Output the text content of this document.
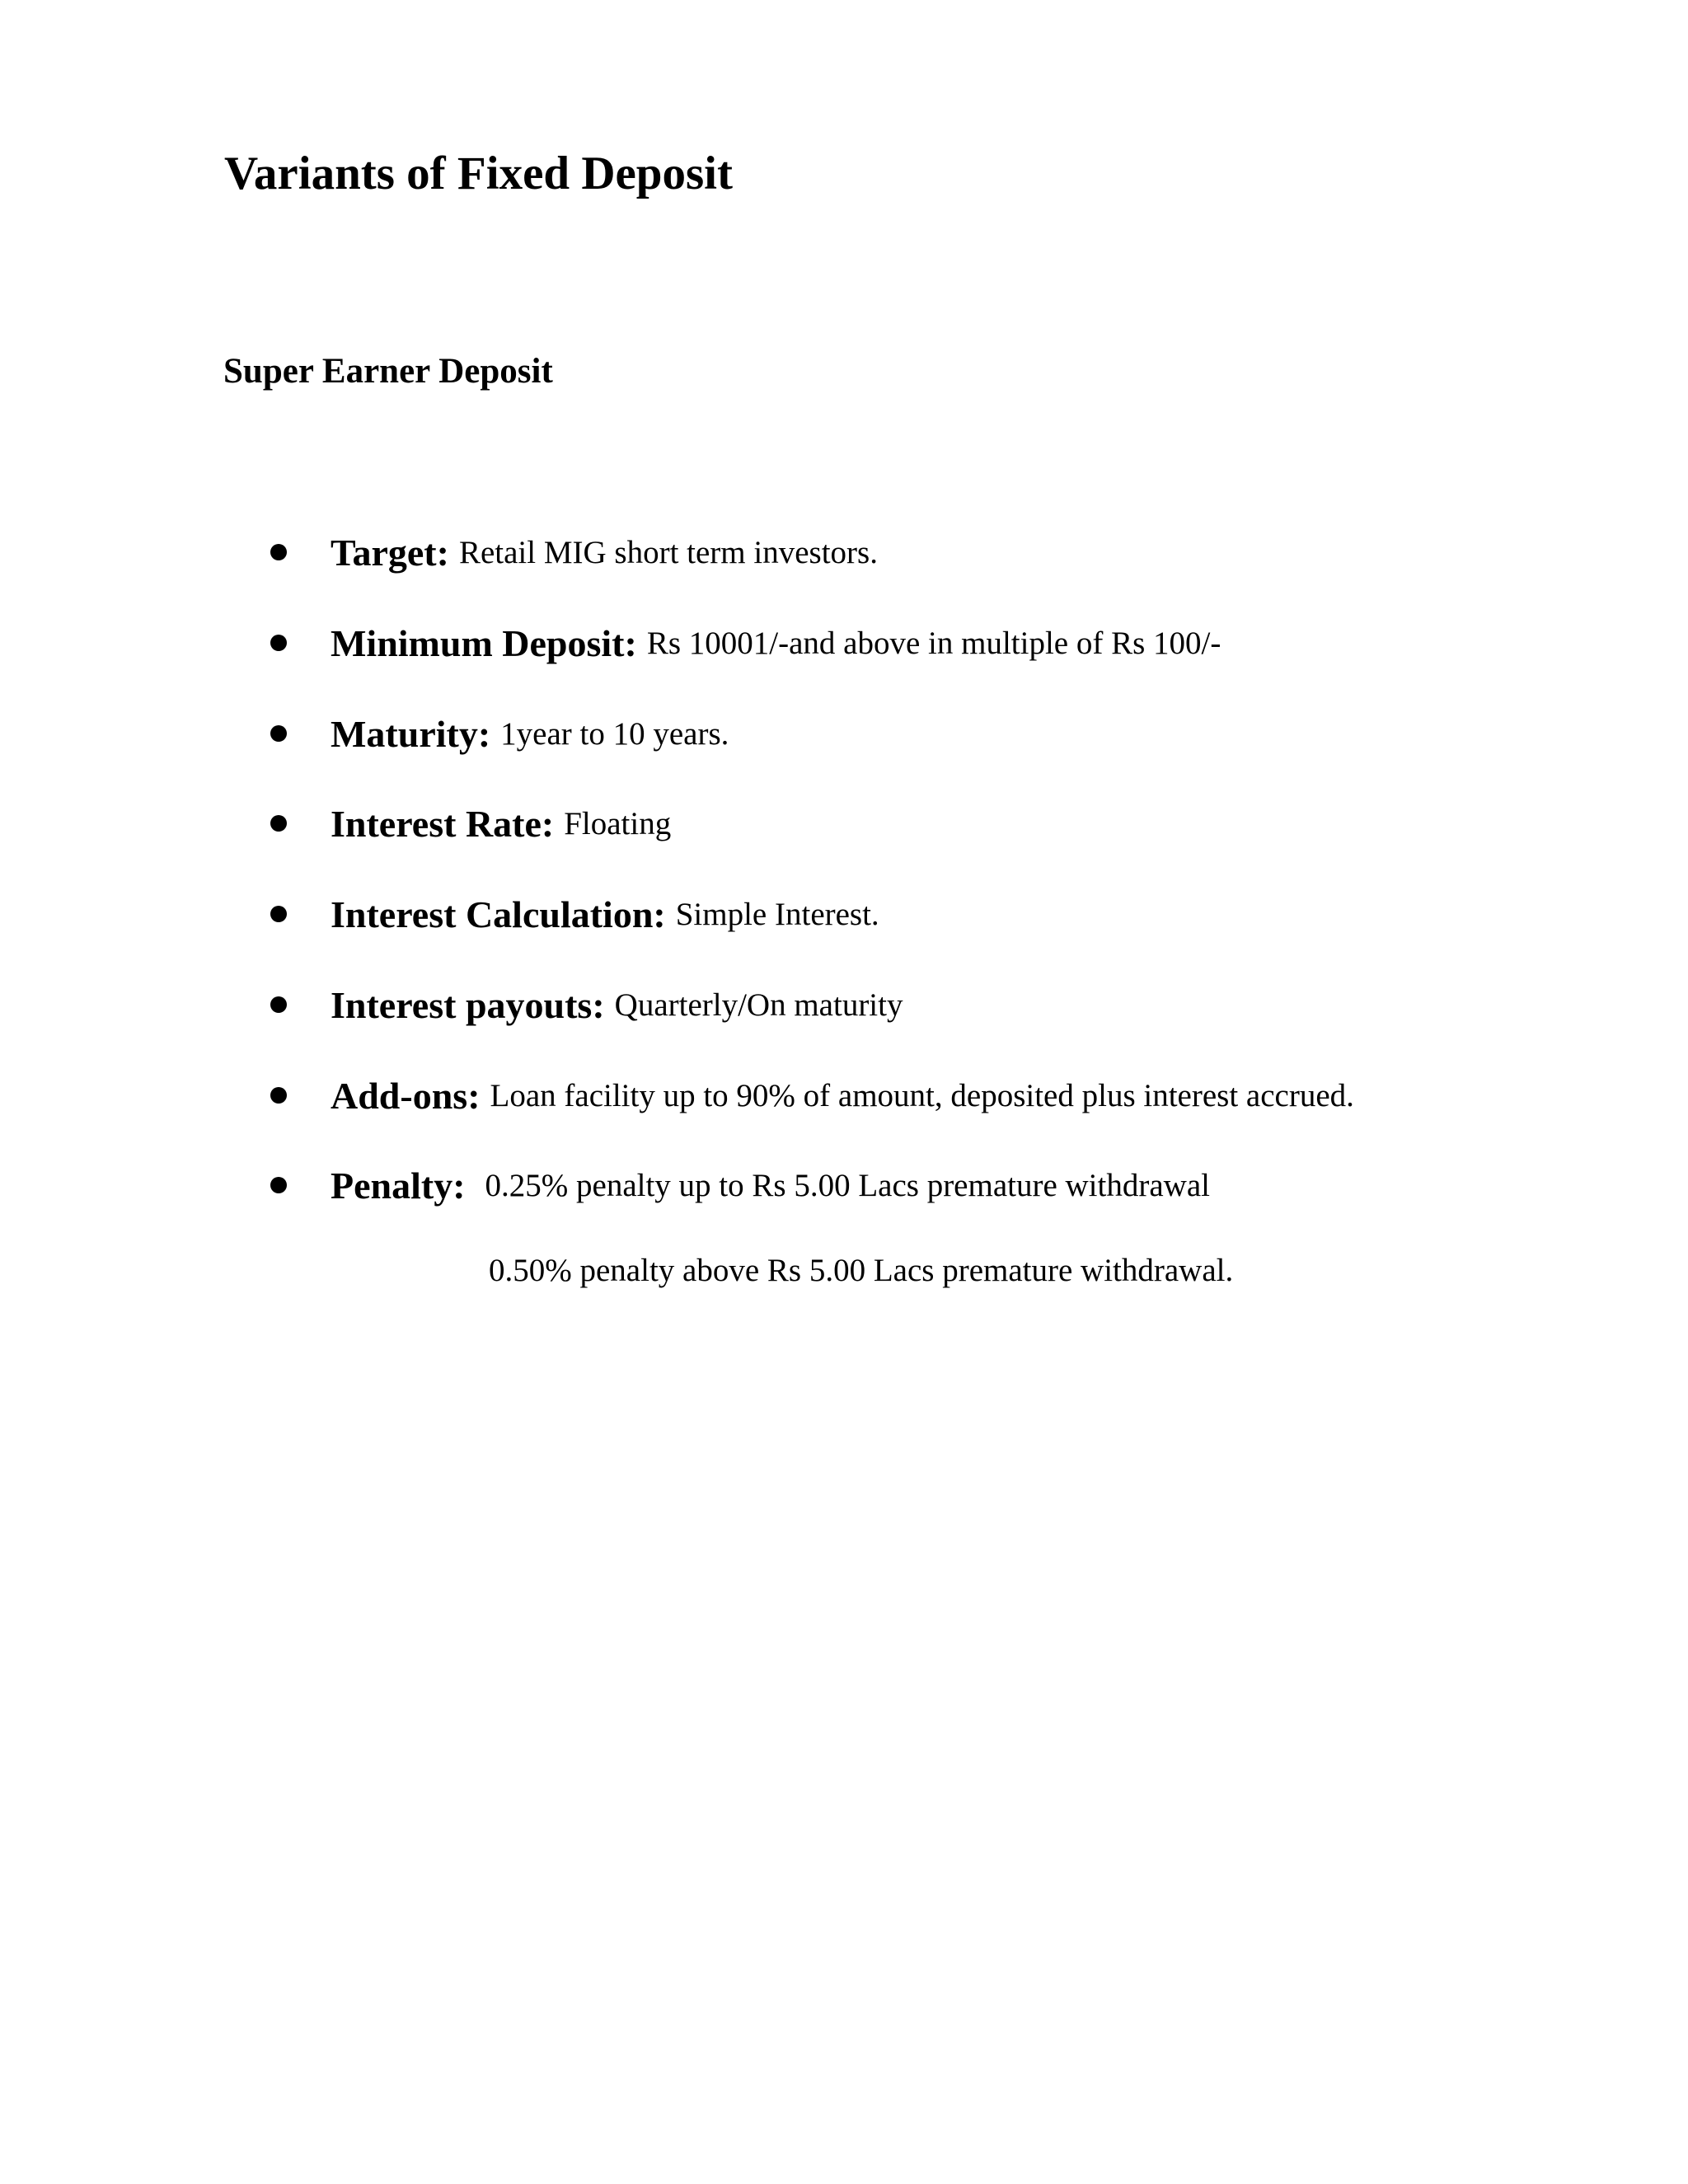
Variants of Fixed Deposit
Super Earner Deposit
Target: Retail MIG short term investors.
Minimum Deposit: Rs 10001/-and above in multiple of Rs 100/-
Maturity: 1year to 10 years.
Interest Rate: Floating
Interest Calculation: Simple Interest.
Interest payouts: Quarterly/On maturity
Add-ons: Loan facility up to 90% of amount, deposited plus interest accrued.
Penalty: 0.25% penalty up to Rs 5.00 Lacs premature withdrawal
0.50% penalty above Rs 5.00 Lacs premature withdrawal.
